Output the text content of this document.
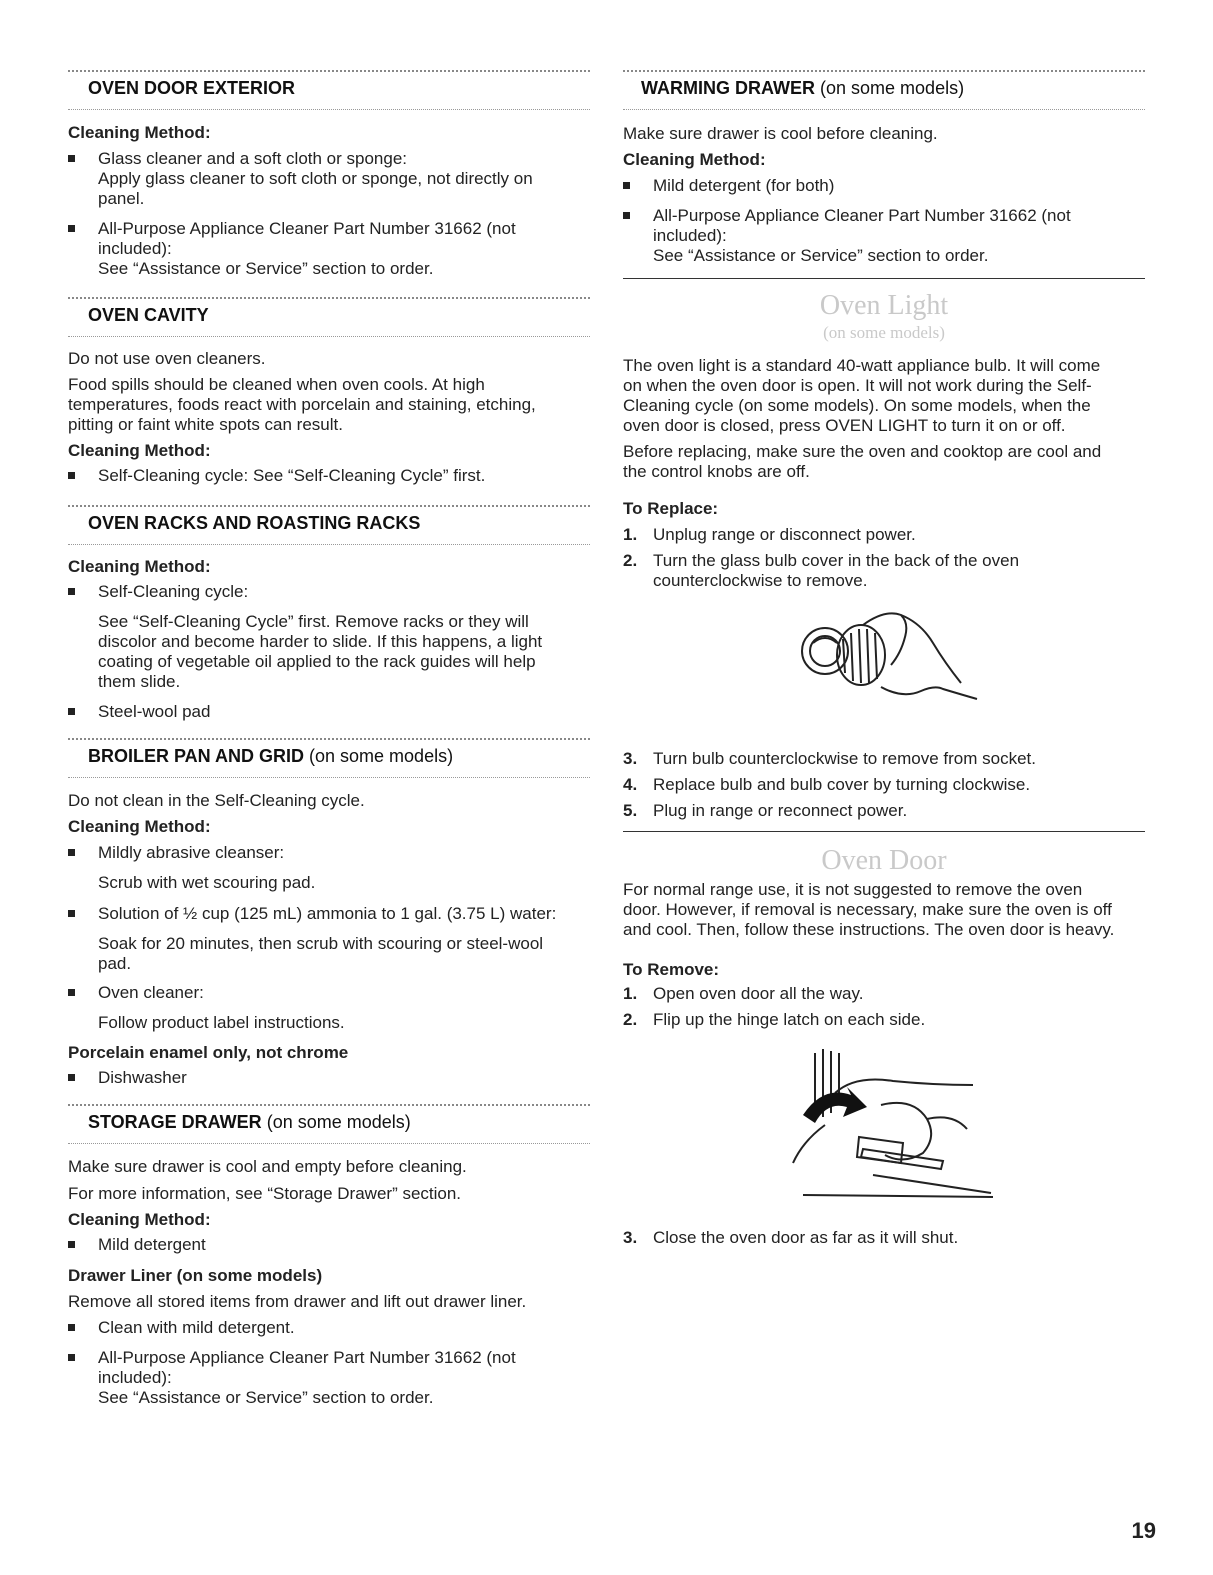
OVEN DOOR EXTERIOR
Cleaning Method:
Glass cleaner and a soft cloth or sponge:
Apply glass cleaner to soft cloth or sponge, not directly on
panel.
All-Purpose Appliance Cleaner Part Number 31662 (not
included):
See “Assistance or Service” section to order.
OVEN CAVITY
Do not use oven cleaners.
Food spills should be cleaned when oven cools. At high
temperatures, foods react with porcelain and staining, etching,
pitting or faint white spots can result.
Cleaning Method:
Self-Cleaning cycle: See “Self-Cleaning Cycle” first.
OVEN RACKS AND ROASTING RACKS
Cleaning Method:
Self-Cleaning cycle:
See “Self-Cleaning Cycle” first. Remove racks or they will
discolor and become harder to slide. If this happens, a light
coating of vegetable oil applied to the rack guides will help
them slide.
Steel-wool pad
BROILER PAN AND GRID (on some models)
Do not clean in the Self-Cleaning cycle.
Cleaning Method:
Mildly abrasive cleanser:
Scrub with wet scouring pad.
Solution of ½ cup (125 mL) ammonia to 1 gal. (3.75 L) water:
Soak for 20 minutes, then scrub with scouring or steel-wool
pad.
Oven cleaner:
Follow product label instructions.
Porcelain enamel only, not chrome
Dishwasher
STORAGE DRAWER (on some models)
Make sure drawer is cool and empty before cleaning.
For more information, see “Storage Drawer” section.
Cleaning Method:
Mild detergent
Drawer Liner (on some models)
Remove all stored items from drawer and lift out drawer liner.
Clean with mild detergent.
All-Purpose Appliance Cleaner Part Number 31662 (not
included):
See “Assistance or Service” section to order.
WARMING DRAWER (on some models)
Make sure drawer is cool before cleaning.
Cleaning Method:
Mild detergent (for both)
All-Purpose Appliance Cleaner Part Number 31662 (not
included):
See “Assistance or Service” section to order.
Oven Light
(on some models)
The oven light is a standard 40-watt appliance bulb. It will come
on when the oven door is open. It will not work during the Self-
Cleaning cycle (on some models). On some models, when the
oven door is closed, press OVEN LIGHT to turn it on or off.
Before replacing, make sure the oven and cooktop are cool and
the control knobs are off.
To Replace:
1. Unplug range or disconnect power.
2. Turn the glass bulb cover in the back of the oven
counterclockwise to remove.
3. Turn bulb counterclockwise to remove from socket.
4. Replace bulb and bulb cover by turning clockwise.
5. Plug in range or reconnect power.
Oven Door
For normal range use, it is not suggested to remove the oven
door. However, if removal is necessary, make sure the oven is off
and cool. Then, follow these instructions. The oven door is heavy.
To Remove:
1. Open oven door all the way.
2. Flip up the hinge latch on each side.
3. Close the oven door as far as it will shut.
19
